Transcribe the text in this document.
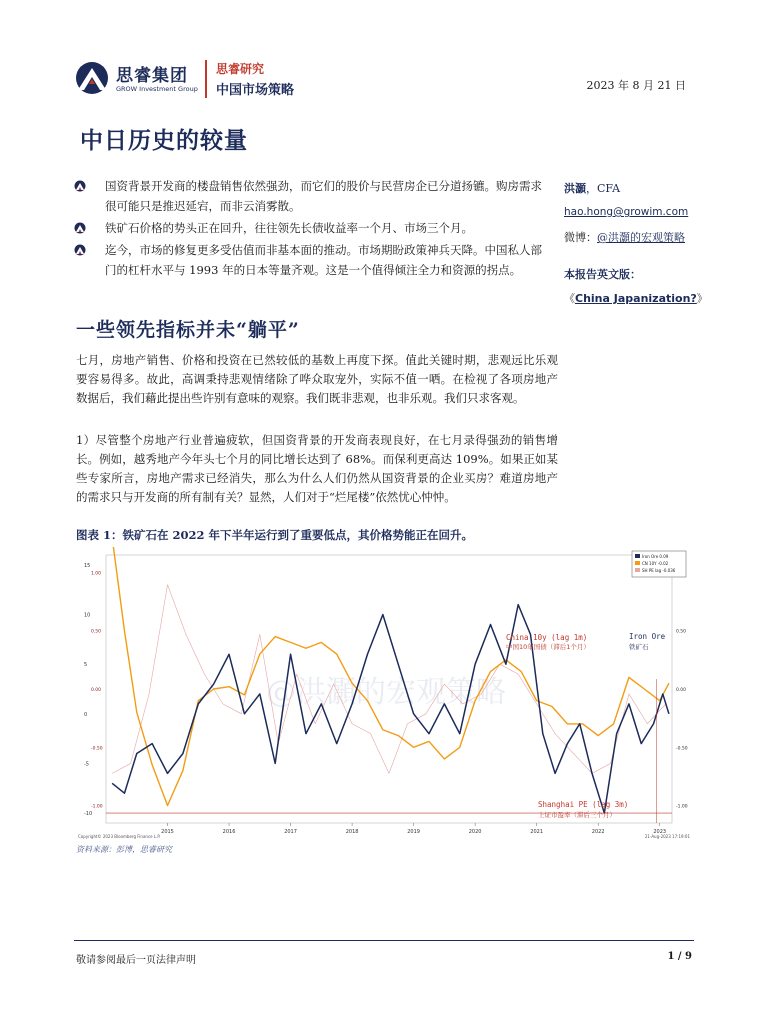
思睿集团
GROW Investment Group
思睿研究
中国市场策略	2023 年 8 月 21 日
中日历史的较量
国资背景开发商的楼盘销售依然强劲，而它们的股价与民营房企已分道扬镳。购房需求很可能只是推迟延宕，而非云消雾散。
铁矿石价格的势头正在回升，往往领先长债收益率一个月、市场三个月。
迄今，市场的修复更多受估值而非基本面的推动。市场期盼政策神兵天降。中国私人部门的杠杆水平与 1993 年的日本等量齐观。这是一个值得倾注全力和资源的拐点。
洪灝，CFA
hao.hong@growim.com
微博：@洪灝的宏观策略
本报告英文版：
《China Japanization?》
一些领先指标并未“躺平”

七月，房地产销售、价格和投资在已然较低的基数上再度下探。值此关键时期，悲观远比乐观要容易得多。故此，高调秉持悲观情绪除了哗众取宠外，实际不值一哂。在检视了各项房地产数据后，我们藉此提出些许别有意味的观察。我们既非悲观，也非乐观。我们只求客观。

1）尽管整个房地产行业普遍疲软，但国资背景的开发商表现良好，在七月录得强劲的销售增长。例如，越秀地产今年头七个月的同比增长达到了 68%。而保利更高达 109%。如果正如某些专家所言，房地产需求已经消失，那么为什么人们仍然从国资背景的企业买房？难道房地产的需求只与开发商的所有制有关？显然，人们对于“烂尾楼”依然忧心忡忡。

图表 1：铁矿石在 2022 年下半年运行到了重要低点，其价格势能正在回升。
@洪灝的宏观策略
2015	2016	2017	2018	2019	2020	2021	2022	2023
15
10
5
0
-5
-10
1.00
0.50
0.00
-0.50
-1.00
0.50
0.00
-0.50
-1.00
Iron Ore 0.09
CN 10Y -0.02
SH PE lag -0.036
China 10y (lag 1m)
中国10年国债（滞后1个月）
Iron Ore
铁矿石
Shanghai PE (lag 3m)
上证市盈率（滞后三个月）
Copyright© 2023 Bloomberg Finance L.P.	21-Aug-2023 17:19:01
资料来源：彭博，思睿研究
敬请参阅最后一页法律声明	1 / 9
